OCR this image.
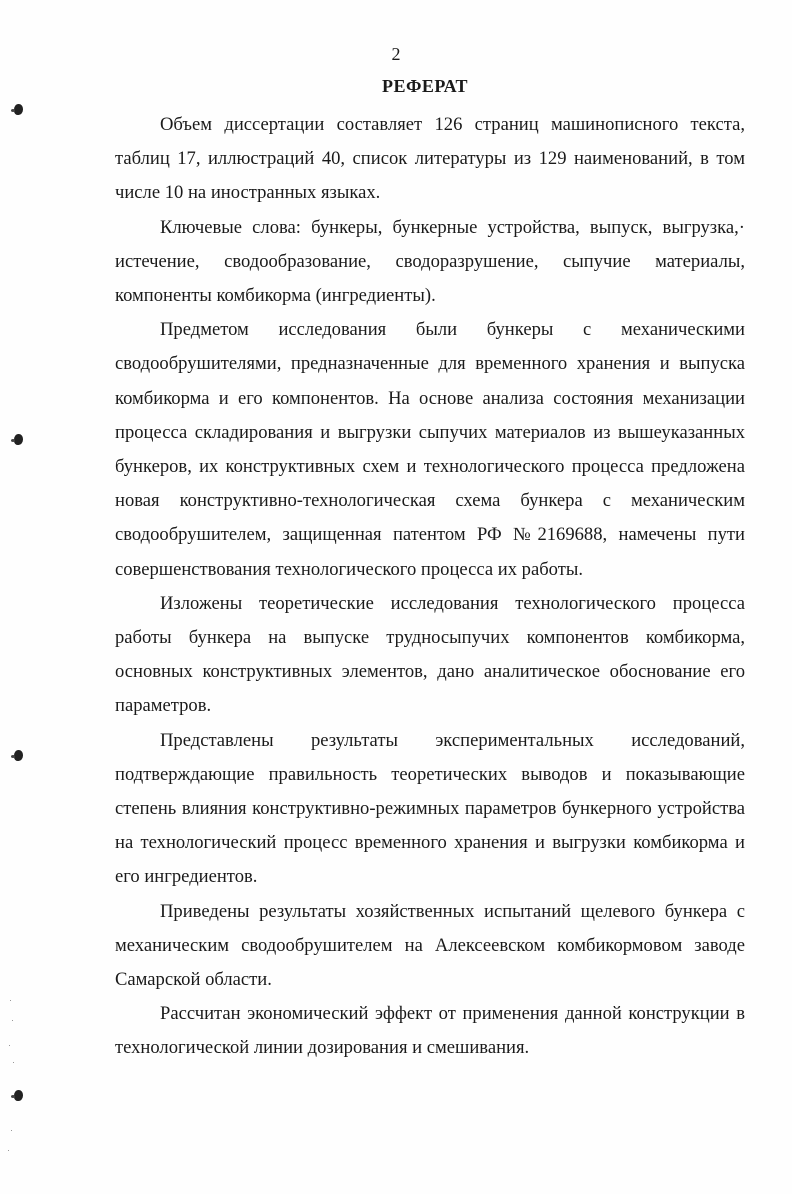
2
РЕФЕРАТ

Объем диссертации составляет 126 страниц машинописного текста, таблиц 17, иллюстраций 40, список литературы из 129 наименований, в том числе 10 на иностранных языках.

Ключевые слова: бункеры, бункерные устройства, выпуск, выгрузка,· истечение, сводообразование, сводоразрушение, сыпучие материалы, компоненты комбикорма (ингредиенты).

Предметом исследования были бункеры с механическими сводообрушителями, предназначенные для временного хранения и выпуска комбикорма и его компонентов. На основе анализа состояния механизации процесса складирования и выгрузки сыпучих материалов из вышеуказанных бункеров, их конструктивных схем и технологического процесса предложена новая конструктивно-технологическая схема бункера с механическим сводообрушителем, защищенная патентом РФ №2169688, намечены пути совершенствования технологического процесса их работы.

Изложены теоретические исследования технологического процесса работы бункера на выпуске трудносыпучих компонентов комбикорма, основных конструктивных элементов, дано аналитическое обоснование его параметров.

Представлены результаты экспериментальных исследований, подтверждающие правильность теоретических выводов и показывающие степень влияния конструктивно-режимных параметров бункерного устройства на технологический процесс временного хранения и выгрузки комбикорма и его ингредиентов.

Приведены результаты хозяйственных испытаний щелевого бункера с механическим сводообрушителем на Алексеевском комбикормовом заводе Самарской области.

Рассчитан экономический эффект от применения данной конструкции в технологической линии дозирования и смешивания.
